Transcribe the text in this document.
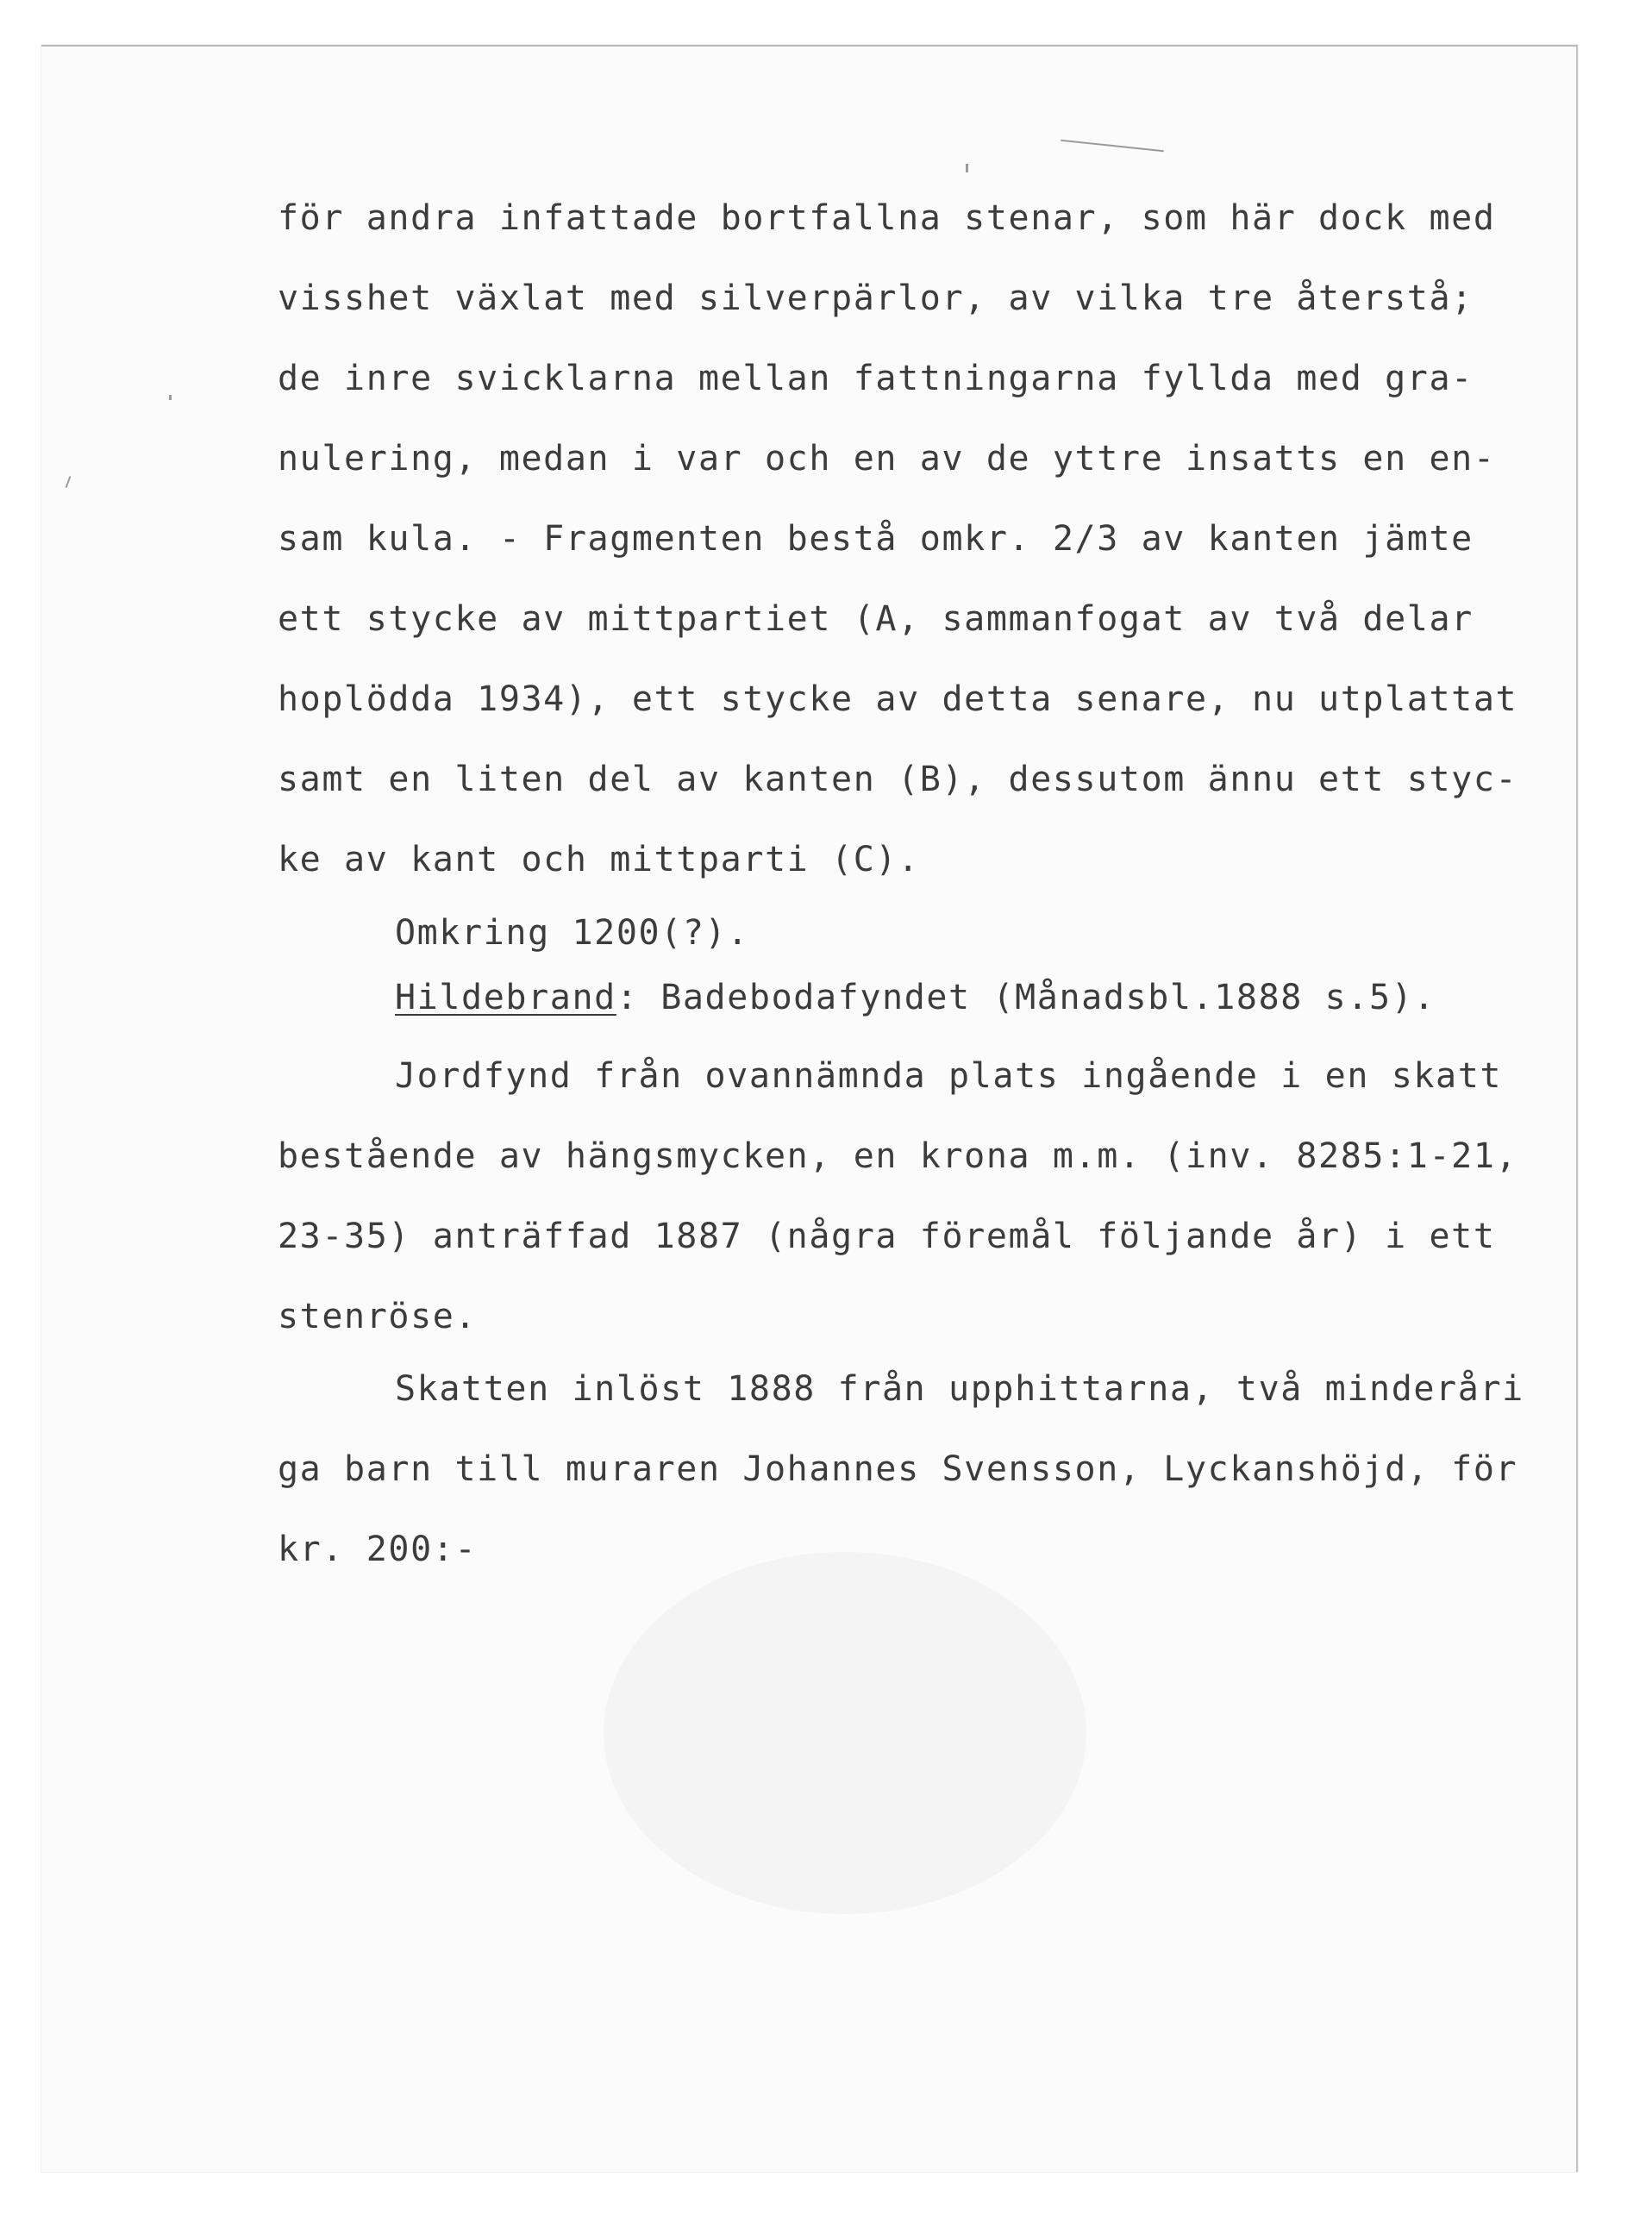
för andra infattade bortfallna stenar, som här dock med
visshet växlat med silverpärlor, av vilka tre återstå;
de inre svicklarna mellan fattningarna fyllda med gra-
nulering, medan i var och en av de yttre insatts en en-
sam kula. - Fragmenten bestå omkr. 2/3 av kanten jämte
ett stycke av mittpartiet (A, sammanfogat av två delar
hoplödda 1934), ett stycke av detta senare, nu utplattat
samt en liten del av kanten (B), dessutom ännu ett styc-
ke av kant och mittparti (C).
Omkring 1200(?).
Hildebrand: Badebodafyndet (Månadsbl.1888 s.5).
Jordfynd från ovannämnda plats ingående i en skatt
bestående av hängsmycken, en krona m.m. (inv. 8285:1-21,
23-35) anträffad 1887 (några föremål följande år) i ett
stenröse.
Skatten inlöst 1888 från upphittarna, två minderåri
ga barn till muraren Johannes Svensson, Lyckanshöjd, för
kr. 200:-
